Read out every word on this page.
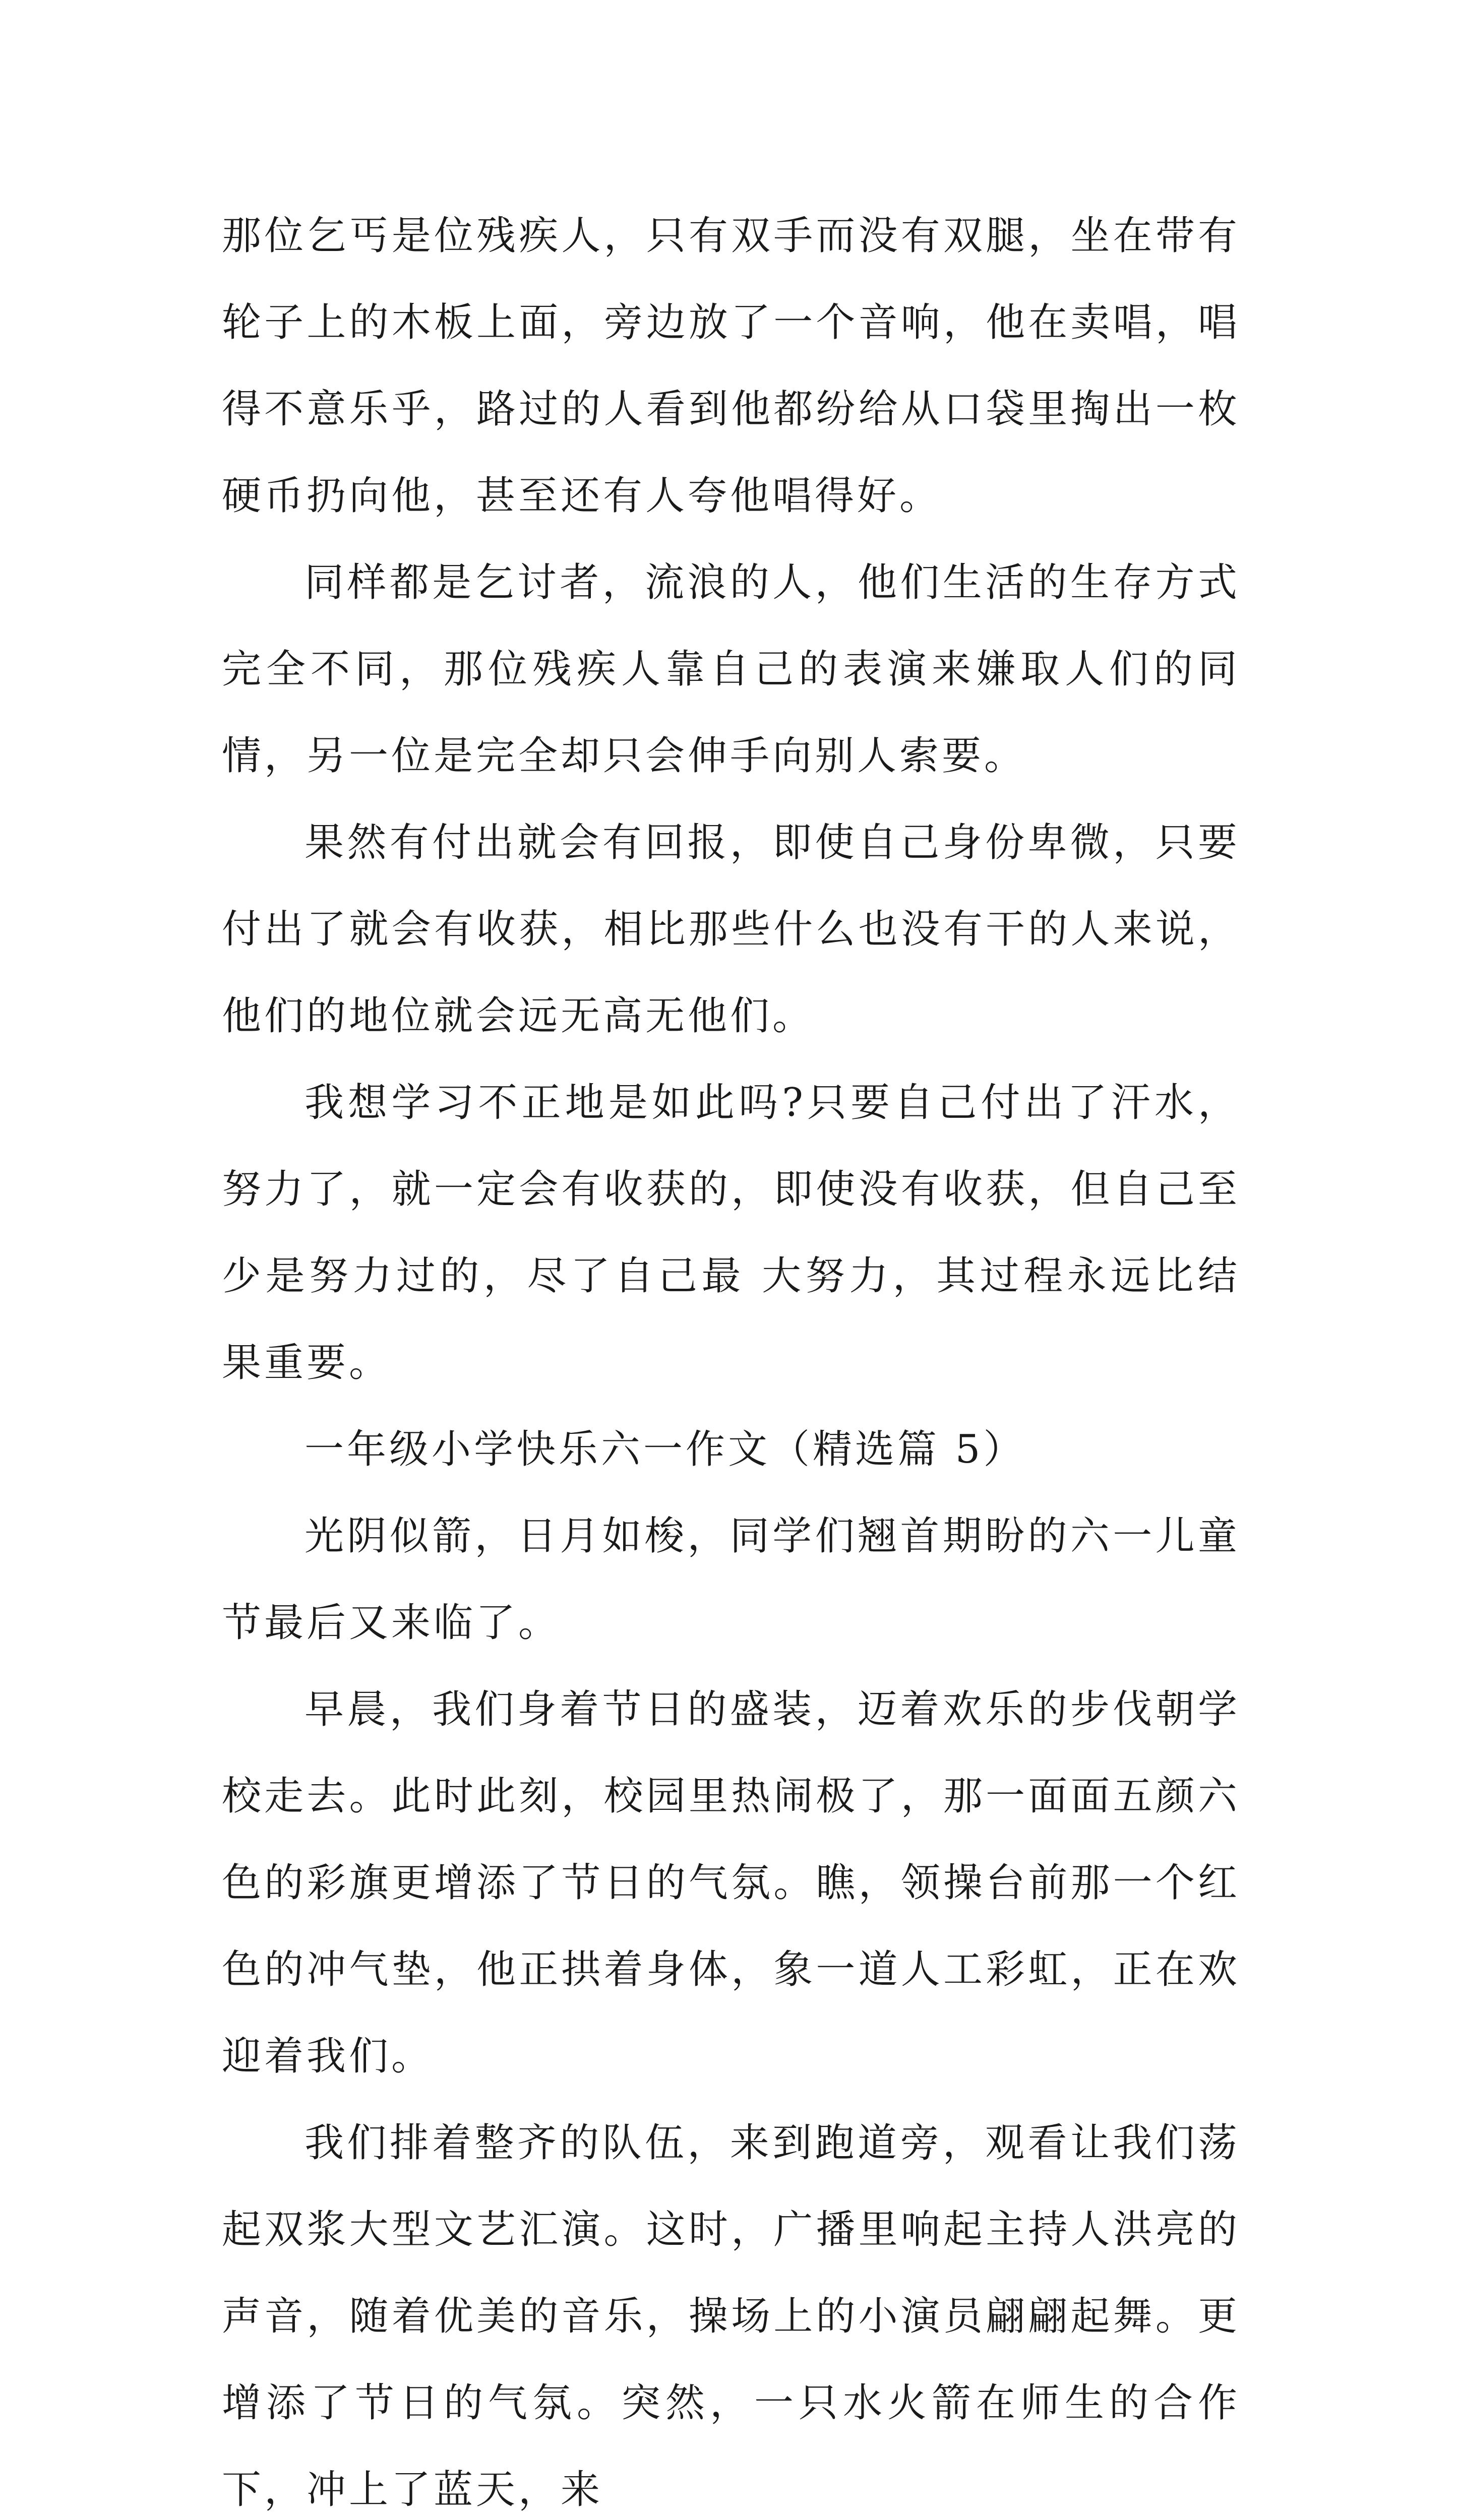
那位乞丐是位残疾人，只有双手而没有双腿，坐在带有轮子上的木板上面，旁边放了一个音响，他在卖唱，唱得不意乐乎，路过的人看到他都纷给从口袋里掏出一枚硬币扔向他，甚至还有人夸他唱得好。

同样都是乞讨者，流浪的人，他们生活的生存方式完全不同，那位残疾人靠自己的表演来嫌取人们的同情，另一位是完全却只会伸手向别人索要。

果然有付出就会有回报，即使自己身份卑微，只要付出了就会有收获，相比那些什么也没有干的人来说，他们的地位就会远无高无他们。

我想学习不正地是如此吗?只要自己付出了汗水，努力了，就一定会有收获的，即使没有收获，但自己至少是努力过的，尽了自己最 大努力，其过程永远比结果重要。

一年级小学快乐六一作文（精选篇 5）

光阴似箭，日月如梭，同学们翘首期盼的六一儿童节最后又来临了。

早晨，我们身着节日的盛装，迈着欢乐的步伐朝学校走去。此时此刻，校园里热闹极了，那一面面五颜六色的彩旗更增添了节日的气氛。瞧，领操台前那一个红色的冲气垫，他正拱着身体，象一道人工彩虹，正在欢迎着我们。

我们排着整齐的队伍，来到跑道旁，观看让我们荡起双浆大型文艺汇演。这时，广播里响起主持人洪亮的声音，随着优美的音乐，操场上的小演员翩翩起舞。更增添了节日的气氛。突然，一只水火箭在师生的合作下，冲上了蓝天，来
